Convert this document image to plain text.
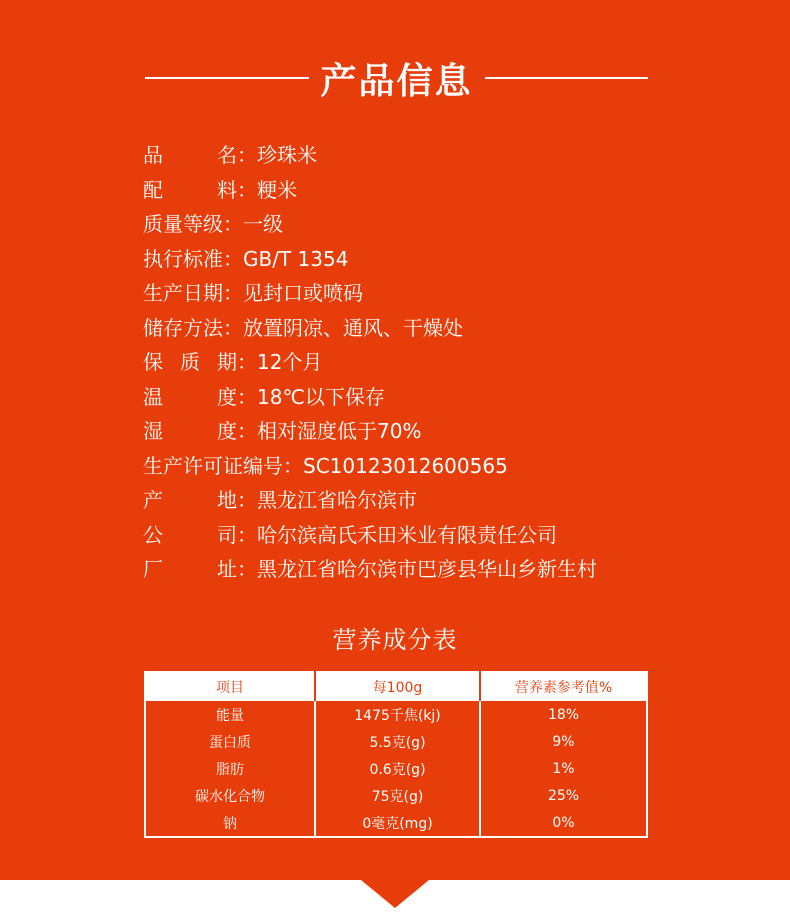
产品信息
品	名 ： 珍珠米
配	料 ： 粳米
质量等级 ： 一级
执行标准 ： GB/T 1354
生产日期 ： 见封口或喷码
储存方法 ： 放置阴凉、通风、干燥处
保 质 期 ： 12个月
温	度 ： 18℃以下保存
湿	度 ： 相对湿度低于70%
生产许可证编号 ： SC10123012600565
产	地 ： 黑龙江省哈尔滨市
公	司 ： 哈尔滨高氏禾田米业有限责任公司
厂	址 ： 黑龙江省哈尔滨市巴彦县华山乡新生村
营养成分表
项目	每100g	营养素参考值%
能量	1475千焦(kj)	18%
蛋白质	5.5克(g)	9%
脂肪	0.6克(g)	1%
碳水化合物	75克(g)	25%
钠	0毫克(mg)	0%
